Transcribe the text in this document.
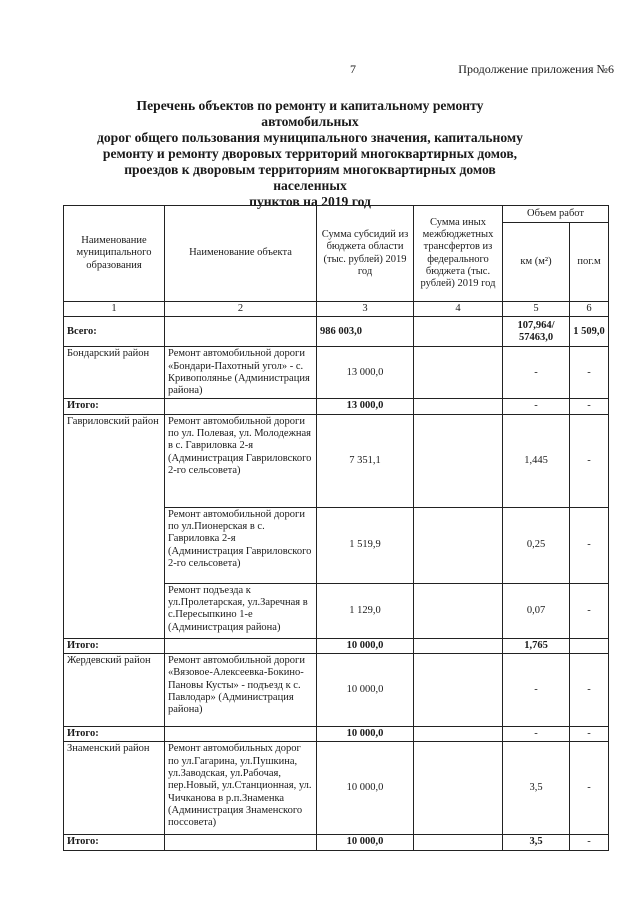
7	Продолжение приложения №6
Перечень объектов по ремонту и капитальному ремонту автомобильных
дорог общего пользования муниципального значения, капитальному
ремонту и ремонту дворовых территорий многоквартирных домов,
проездов к дворовым территориям многоквартирных домов населенных
пунктов на 2019 год
Наименование муниципального образования	Наименование объекта	Сумма субсидий из бюджета области (тыс. рублей) 2019 год	Сумма иных межбюджетных трансфертов из федерального бюджета (тыс. рублей) 2019 год	Объем работ	
				км (м²)	пог.м
1	2	3	4	5	6
Всего:		986 003,0		107,964/ 57463,0	1 509,0
Бондарский район	Ремонт автомобильной дороги «Бондари-Пахотный угол» - с. Кривополянье (Администрация района)	13 000,0		-	-
Итого:		13 000,0		-	-
Гавриловский район	Ремонт автомобильной дороги по ул. Полевая, ул. Молодежная в с. Гавриловка 2-я (Администрация Гавриловского 2-го сельсовета)	7 351,1		1,445	-
	Ремонт автомобильной дороги по ул.Пионерская в с. Гавриловка 2-я (Администрация Гавриловского 2-го сельсовета)	1 519,9		0,25	-
	Ремонт подъезда к ул.Пролетарская, ул.Заречная в с.Пересыпкино 1-е (Администрация района)	1 129,0		0,07	-
Итого:		10 000,0		1,765	
Жердевский район	Ремонт автомобильной дороги «Вязовое-Алексеевка-Бокино-Пановы Кусты» - подъезд к с. Павлодар» (Администрация района)	10 000,0		-	-
Итого:		10 000,0		-	-
Знаменский район	Ремонт автомобильных дорог по ул.Гагарина, ул.Пушкина, ул.Заводская, ул.Рабочая, пер.Новый, ул.Станционная, ул. Чичканова в р.п.Знаменка (Администрация Знаменского поссовета)	10 000,0		3,5	-
Итого:		10 000,0		3,5	-
